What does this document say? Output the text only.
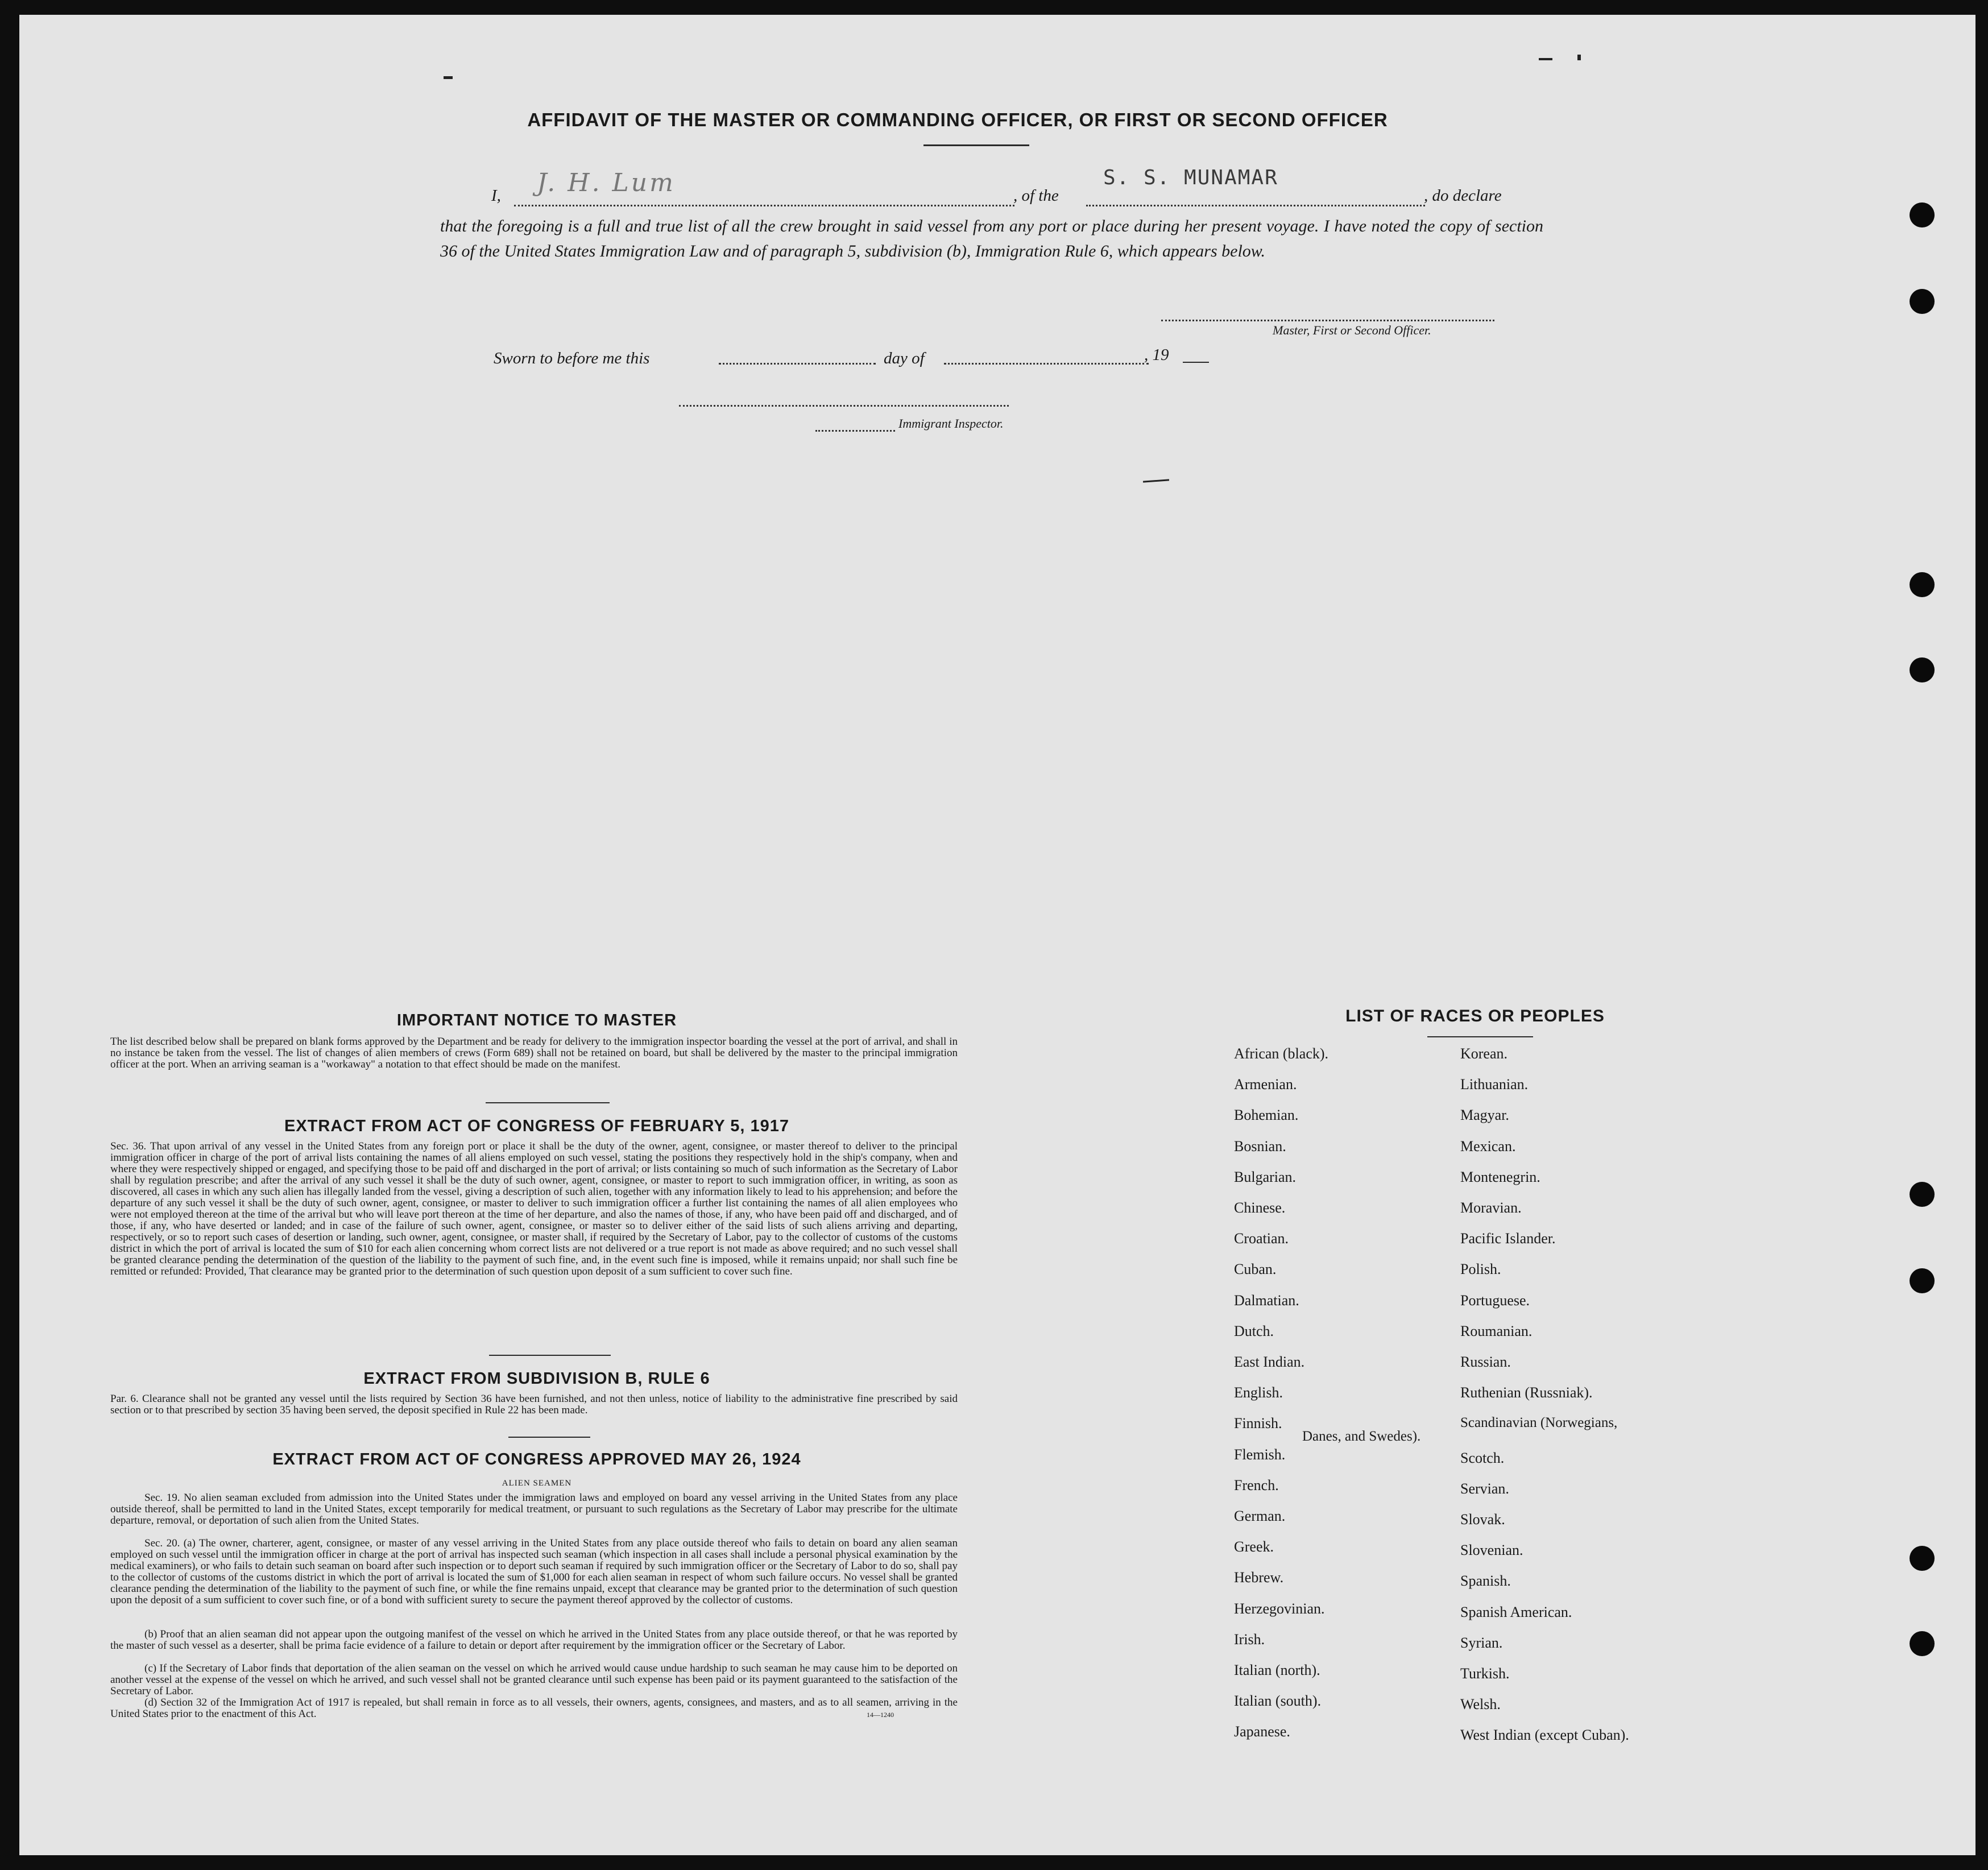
AFFIDAVIT OF THE MASTER OR COMMANDING OFFICER, OR FIRST OR SECOND OFFICER
I, J. H. Lum	, of the
S. S. MUNAMAR
, do declare
that the foregoing is a full and true list of all the crew brought in said vessel from any port or place during her present voyage. I have noted the copy of section 36 of the United States Immigration Law and of paragraph 5, subdivision (b), Immigration Rule 6, which appears below.
Master, First or Second Officer.
Sworn to before me this	day of	, 19
Immigrant Inspector.
IMPORTANT NOTICE TO MASTER
The list described below shall be prepared on blank forms approved by the Department and be ready for delivery to the immigration inspector boarding the vessel at the port of arrival, and shall in no instance be taken from the vessel. The list of changes of alien members of crews (Form 689) shall not be retained on board, but shall be delivered by the master to the principal immigration officer at the port. When an arriving seaman is a "workaway" a notation to that effect should be made on the manifest.
EXTRACT FROM ACT OF CONGRESS OF FEBRUARY 5, 1917
Sec. 36. That upon arrival of any vessel in the United States from any foreign port or place it shall be the duty of the owner, agent, consignee, or master thereof to deliver to the principal immigration officer in charge of the port of arrival lists containing the names of all aliens employed on such vessel, stating the positions they respectively hold in the ship's company, when and where they were respectively shipped or engaged, and specifying those to be paid off and discharged in the port of arrival; or lists containing so much of such information as the Secretary of Labor shall by regulation prescribe; and after the arrival of any such vessel it shall be the duty of such owner, agent, consignee, or master to report to such immigration officer, in writing, as soon as discovered, all cases in which any such alien has illegally landed from the vessel, giving a description of such alien, together with any information likely to lead to his apprehension; and before the departure of any such vessel it shall be the duty of such owner, agent, consignee, or master to deliver to such immigration officer a further list containing the names of all alien employees who were not employed thereon at the time of the arrival but who will leave port thereon at the time of her departure, and also the names of those, if any, who have been paid off and discharged, and of those, if any, who have deserted or landed; and in case of the failure of such owner, agent, consignee, or master so to deliver either of the said lists of such aliens arriving and departing, respectively, or so to report such cases of desertion or landing, such owner, agent, consignee, or master shall, if required by the Secretary of Labor, pay to the collector of customs of the customs district in which the port of arrival is located the sum of $10 for each alien concerning whom correct lists are not delivered or a true report is not made as above required; and no such vessel shall be granted clearance pending the determination of the question of the liability to the payment of such fine, and, in the event such fine is imposed, while it remains unpaid; nor shall such fine be remitted or refunded: Provided, That clearance may be granted prior to the determination of such question upon deposit of a sum sufficient to cover such fine.
EXTRACT FROM SUBDIVISION B, RULE 6
Par. 6. Clearance shall not be granted any vessel until the lists required by Section 36 have been furnished, and not then unless, notice of liability to the administrative fine prescribed by said section or to that prescribed by section 35 having been served, the deposit specified in Rule 22 has been made.
EXTRACT FROM ACT OF CONGRESS APPROVED MAY 26, 1924
ALIEN SEAMEN
Sec. 19. No alien seaman excluded from admission into the United States under the immigration laws and employed on board any vessel arriving in the United States from any place outside thereof, shall be permitted to land in the United States, except temporarily for medical treatment, or pursuant to such regulations as the Secretary of Labor may prescribe for the ultimate departure, removal, or deportation of such alien from the United States.
Sec. 20. (a) The owner, charterer, agent, consignee, or master of any vessel arriving in the United States from any place outside thereof who fails to detain on board any alien seaman employed on such vessel until the immigration officer in charge at the port of arrival has inspected such seaman (which inspection in all cases shall include a personal physical examination by the medical examiners), or who fails to detain such seaman on board after such inspection or to deport such seaman if required by such immigration officer or the Secretary of Labor to do so, shall pay to the collector of customs of the customs district in which the port of arrival is located the sum of $1,000 for each alien seaman in respect of whom such failure occurs. No vessel shall be granted clearance pending the determination of the liability to the payment of such fine, or while the fine remains unpaid, except that clearance may be granted prior to the determination of such question upon the deposit of a sum sufficient to cover such fine, or of a bond with sufficient surety to secure the payment thereof approved by the collector of customs.
(b) Proof that an alien seaman did not appear upon the outgoing manifest of the vessel on which he arrived in the United States from any place outside thereof, or that he was reported by the master of such vessel as a deserter, shall be prima facie evidence of a failure to detain or deport after requirement by the immigration officer or the Secretary of Labor.
(c) If the Secretary of Labor finds that deportation of the alien seaman on the vessel on which he arrived would cause undue hardship to such seaman he may cause him to be deported on another vessel at the expense of the vessel on which he arrived, and such vessel shall not be granted clearance until such expense has been paid or its payment guaranteed to the satisfaction of the Secretary of Labor.
(d) Section 32 of the Immigration Act of 1917 is repealed, but shall remain in force as to all vessels, their owners, agents, consignees, and masters, and as to all seamen, arriving in the United States prior to the enactment of this Act.	14—1240
LIST OF RACES OR PEOPLES
African (black).
Armenian.
Bohemian.
Bosnian.
Bulgarian.
Chinese.
Croatian.
Cuban.
Dalmatian.
Dutch.
East Indian.
English.
Finnish.
Flemish.
French.
German.
Greek.
Hebrew.
Herzegovinian.
Irish.
Italian (north).
Italian (south).
Japanese.
Korean.
Lithuanian.
Magyar.
Mexican.
Montenegrin.
Moravian.
Pacific Islander.
Polish.
Portuguese.
Roumanian.
Russian.
Ruthenian (Russniak).
Scandinavian (Norwegians,
Danes, and Swedes).
Scotch.
Servian.
Slovak.
Slovenian.
Spanish.
Spanish American.
Syrian.
Turkish.
Welsh.
West Indian (except Cuban).
